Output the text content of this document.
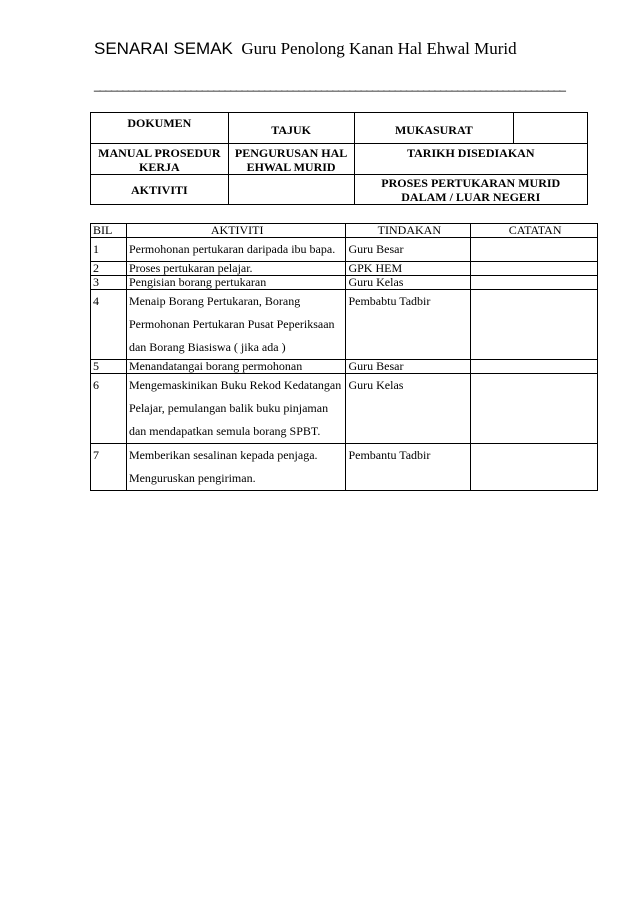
SENARAI SEMAK Guru Penolong Kanan Hal Ehwal Murid
___________________________________________________________________________________
DOKUMEN	TAJUK	MUKASURAT	
MANUAL PROSEDUR KERJA	PENGURUSAN HAL EHWAL MURID	TARIKH DISEDIAKAN	
AKTIVITI		PROSES PERTUKARAN MURID DALAM / LUAR NEGERI	
BIL	AKTIVITI	TINDAKAN	CATATAN
1	Permohonan pertukaran daripada ibu bapa.	Guru Besar	
2	Proses pertukaran pelajar.	GPK HEM	
3	Pengisian borang pertukaran	Guru Kelas	
4	Menaip Borang Pertukaran, Borang Permohonan Pertukaran Pusat Peperiksaan dan Borang Biasiswa ( jika ada )	Pembabtu Tadbir	
5	Menandatangai borang permohonan	Guru Besar	
6	Mengemaskinikan Buku Rekod Kedatangan Pelajar, pemulangan balik buku pinjaman dan mendapatkan semula borang SPBT.	Guru Kelas	
7	Memberikan sesalinan kepada penjaga. Menguruskan pengiriman.	Pembantu Tadbir	
